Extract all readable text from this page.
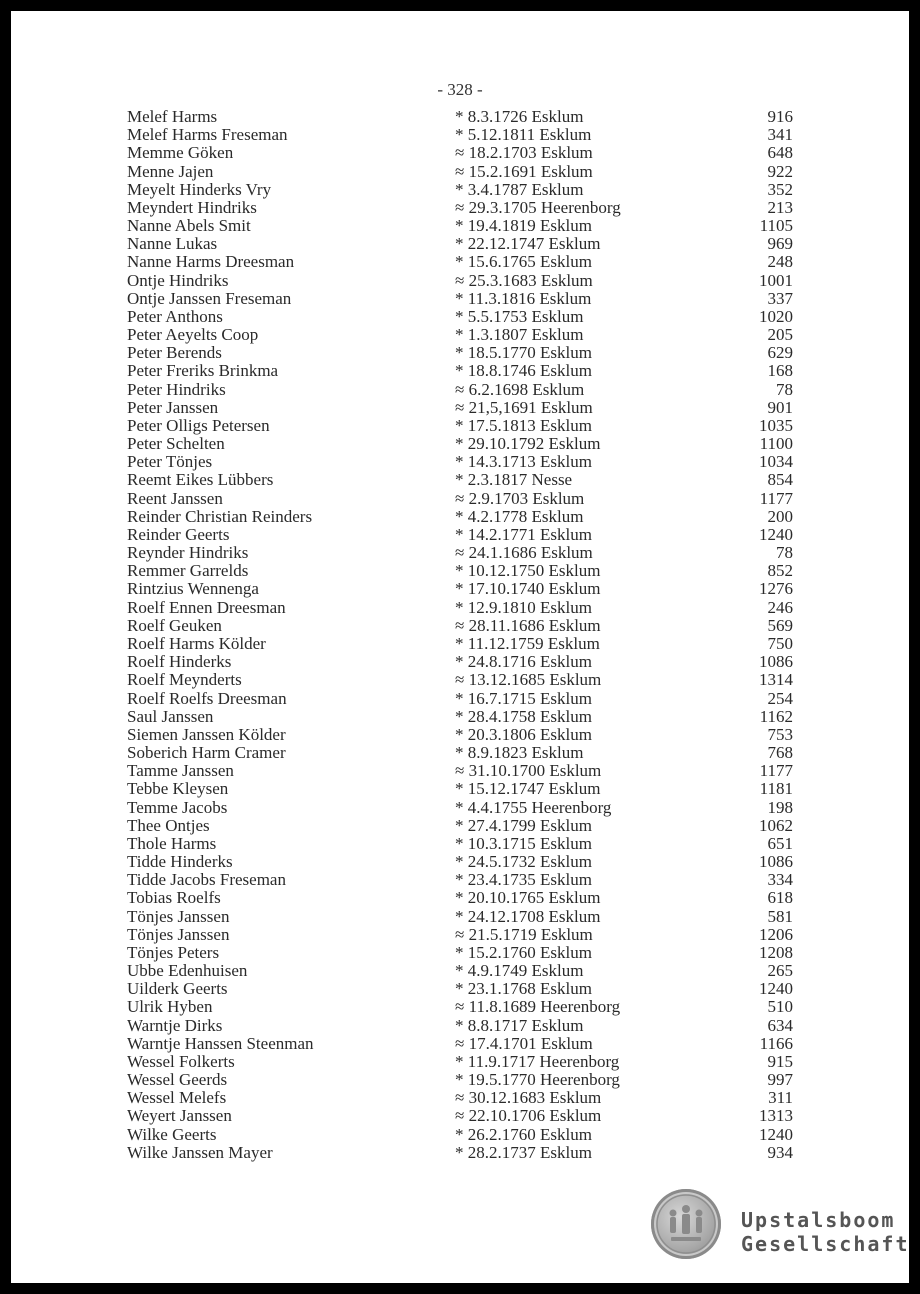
- 328 -
Melef Harms	* 8.3.1726 Esklum	916
Melef Harms Freseman	* 5.12.1811 Esklum	341
Memme Göken	≈ 18.2.1703 Esklum	648
Menne Jajen	≈ 15.2.1691 Esklum	922
Meyelt Hinderks Vry	* 3.4.1787 Esklum	352
Meyndert Hindriks	≈ 29.3.1705 Heerenborg	213
Nanne Abels Smit	* 19.4.1819 Esklum	1105
Nanne Lukas	* 22.12.1747 Esklum	969
Nanne Harms Dreesman	* 15.6.1765 Esklum	248
Ontje Hindriks	≈ 25.3.1683 Esklum	1001
Ontje Janssen Freseman	* 11.3.1816 Esklum	337
Peter Anthons	* 5.5.1753 Esklum	1020
Peter Aeyelts Coop	* 1.3.1807 Esklum	205
Peter Berends	* 18.5.1770 Esklum	629
Peter Freriks Brinkma	* 18.8.1746 Esklum	168
Peter Hindriks	≈ 6.2.1698 Esklum	78
Peter Janssen	≈ 21,5,1691 Esklum	901
Peter Olligs Petersen	* 17.5.1813 Esklum	1035
Peter Schelten	* 29.10.1792 Esklum	1100
Peter Tönjes	* 14.3.1713 Esklum	1034
Reemt Eikes Lübbers	* 2.3.1817 Nesse	854
Reent Janssen	≈ 2.9.1703 Esklum	1177
Reinder Christian Reinders	* 4.2.1778 Esklum	200
Reinder Geerts	* 14.2.1771 Esklum	1240
Reynder Hindriks	≈ 24.1.1686 Esklum	78
Remmer Garrelds	* 10.12.1750 Esklum	852
Rintzius Wennenga	* 17.10.1740 Esklum	1276
Roelf Ennen Dreesman	* 12.9.1810 Esklum	246
Roelf Geuken	≈ 28.11.1686 Esklum	569
Roelf Harms Kölder	* 11.12.1759 Esklum	750
Roelf Hinderks	* 24.8.1716 Esklum	1086
Roelf Meynderts	≈ 13.12.1685 Esklum	1314
Roelf Roelfs Dreesman	* 16.7.1715 Esklum	254
Saul Janssen	* 28.4.1758 Esklum	1162
Siemen Janssen Kölder	* 20.3.1806 Esklum	753
Soberich Harm Cramer	* 8.9.1823 Esklum	768
Tamme Janssen	≈ 31.10.1700 Esklum	1177
Tebbe Kleysen	* 15.12.1747 Esklum	1181
Temme Jacobs	* 4.4.1755 Heerenborg	198
Thee Ontjes	* 27.4.1799 Esklum	1062
Thole Harms	* 10.3.1715 Esklum	651
Tidde Hinderks	* 24.5.1732 Esklum	1086
Tidde Jacobs Freseman	* 23.4.1735 Esklum	334
Tobias Roelfs	* 20.10.1765 Esklum	618
Tönjes Janssen	* 24.12.1708 Esklum	581
Tönjes Janssen	≈ 21.5.1719 Esklum	1206
Tönjes Peters	* 15.2.1760 Esklum	1208
Ubbe Edenhuisen	* 4.9.1749 Esklum	265
Uilderk Geerts	* 23.1.1768 Esklum	1240
Ulrik Hyben	≈ 11.8.1689 Heerenborg	510
Warntje Dirks	* 8.8.1717 Esklum	634
Warntje Hanssen Steenman	≈ 17.4.1701 Esklum	1166
Wessel Folkerts	* 11.9.1717 Heerenborg	915
Wessel Geerds	* 19.5.1770 Heerenborg	997
Wessel Melefs	≈ 30.12.1683 Esklum	311
Weyert Janssen	≈ 22.10.1706 Esklum	1313
Wilke Geerts	* 26.2.1760 Esklum	1240
Wilke Janssen Mayer	* 28.2.1737 Esklum	934
Upstalsboom
Gesellschaft
